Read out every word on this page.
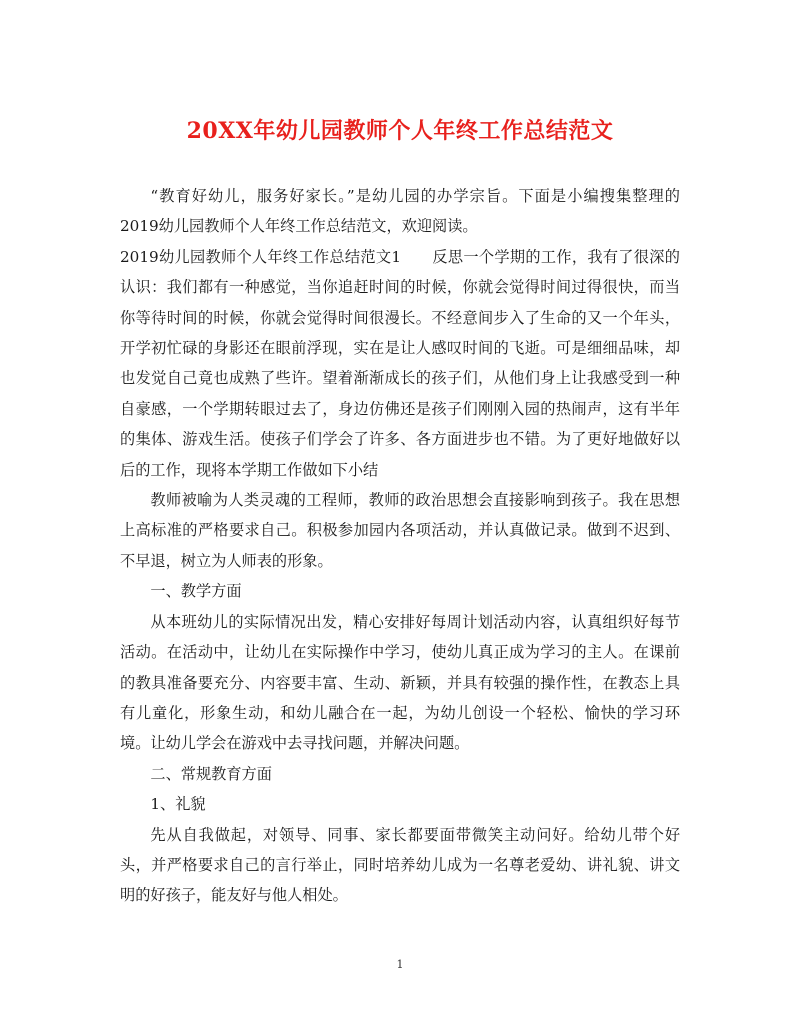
20XX年幼儿园教师个人年终工作总结范文

“教育好幼儿，服务好家长。”是幼儿园的办学宗旨。下面是小编搜集整理的2019幼儿园教师个人年终工作总结范文，欢迎阅读。

2019幼儿园教师个人年终工作总结范文1　　反思一个学期的工作，我有了很深的认识：我们都有一种感觉，当你追赶时间的时候，你就会觉得时间过得很快，而当你等待时间的时候，你就会觉得时间很漫长。不经意间步入了生命的又一个年头，开学初忙碌的身影还在眼前浮现，实在是让人感叹时间的飞逝。可是细细品味，却也发觉自己竟也成熟了些许。望着渐渐成长的孩子们，从他们身上让我感受到一种自豪感，一个学期转眼过去了，身边仿佛还是孩子们刚刚入园的热闹声，这有半年的集体、游戏生活。使孩子们学会了许多、各方面进步也不错。为了更好地做好以后的工作，现将本学期工作做如下小结

教师被喻为人类灵魂的工程师，教师的政治思想会直接影响到孩子。我在思想上高标准的严格要求自己。积极参加园内各项活动，并认真做记录。做到不迟到、不早退，树立为人师表的形象。

一、教学方面

从本班幼儿的实际情况出发，精心安排好每周计划活动内容，认真组织好每节活动。在活动中，让幼儿在实际操作中学习，使幼儿真正成为学习的主人。在课前的教具准备要充分、内容要丰富、生动、新颖，并具有较强的操作性，在教态上具有儿童化，形象生动，和幼儿融合在一起，为幼儿创设一个轻松、愉快的学习环境。让幼儿学会在游戏中去寻找问题，并解决问题。

二、常规教育方面

1、礼貌

先从自我做起，对领导、同事、家长都要面带微笑主动问好。给幼儿带个好头，并严格要求自己的言行举止，同时培养幼儿成为一名尊老爱幼、讲礼貌、讲文明的好孩子，能友好与他人相处。

1
